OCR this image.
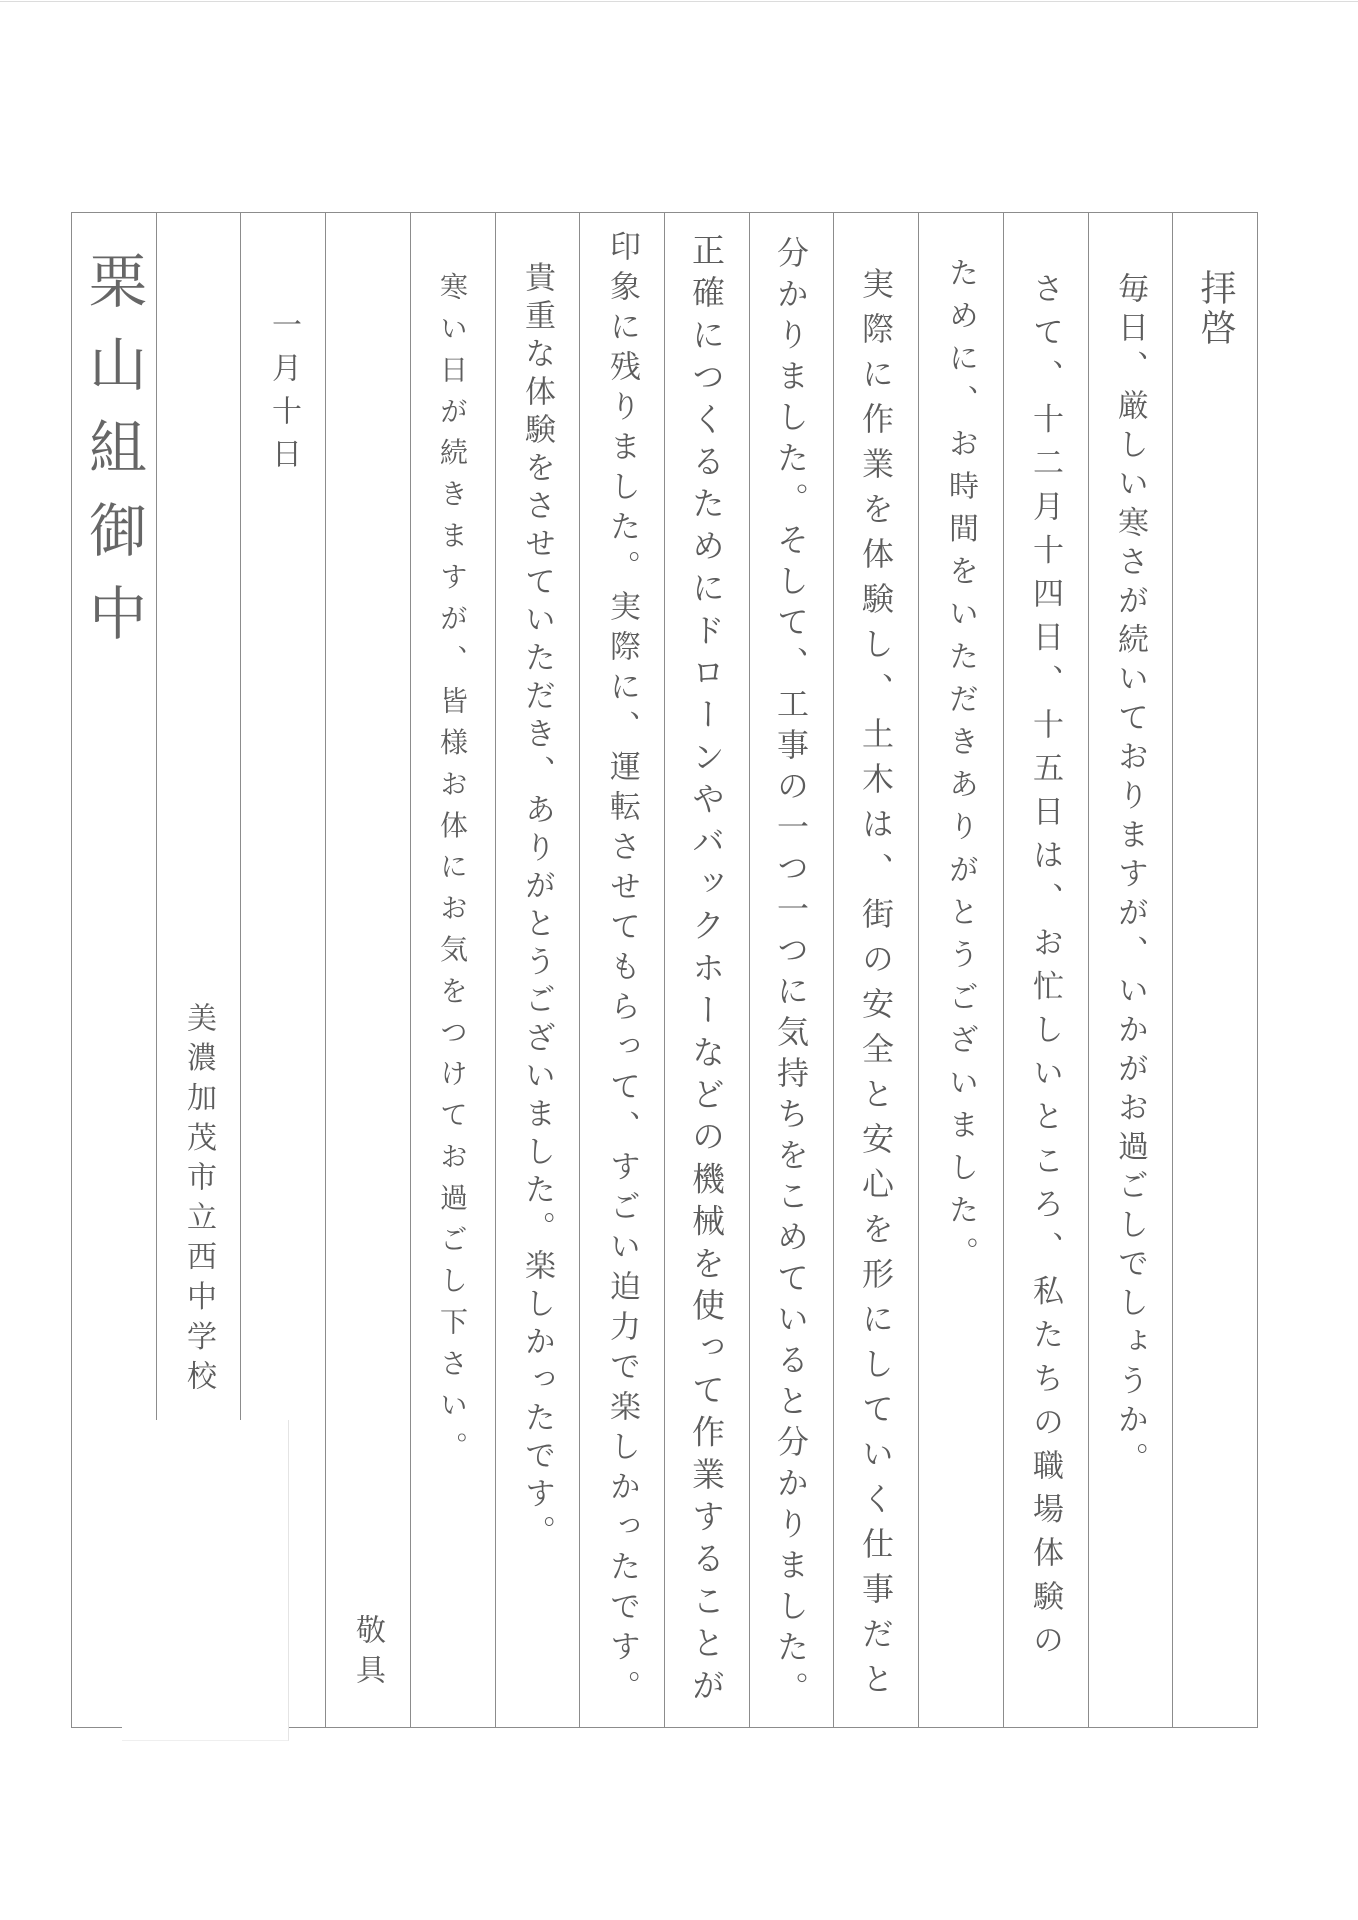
拝啓
毎日、厳しい寒さが続いておりますが、いかがお過ごしでしょうか。
さて、十二月十四日、十五日は、お忙しいところ、私たちの職場体験の
ために、お時間をいただきありがとうございました。
実際に作業を体験し、土木は、街の安全と安心を形にしていく仕事だと
分かりました。そして、工事の一つ一つに気持ちをこめていると分かりました。
正確につくるためにドローンやバックホーなどの機械を使って作業することが
印象に残りました。実際に、運転させてもらって、すごい迫力で楽しかったです。
貴重な体験をさせていただき、ありがとうございました。楽しかったです。
寒い日が続きますが、皆様お体にお気をつけてお過ごし下さい。
敬具
一月十日
美濃加茂市立西中学校
栗山組御中
